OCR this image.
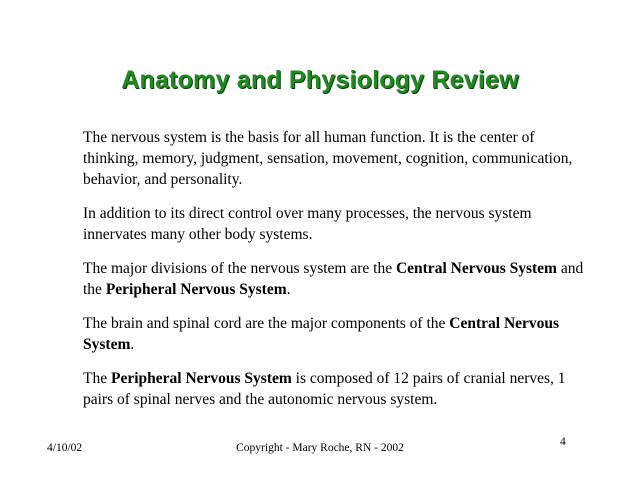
Anatomy and Physiology Review

The nervous system is the basis for all human function. It is the center of thinking, memory, judgment, sensation, movement, cognition, communication, behavior, and personality.

In addition to its direct control over many processes, the nervous system innervates many other body systems.

The major divisions of the nervous system are the Central Nervous System and the Peripheral Nervous System.

The brain and spinal cord are the major components of the Central Nervous System.

The Peripheral Nervous System is composed of 12 pairs of cranial nerves, 1 pairs of spinal nerves and the autonomic nervous system.

4/10/02	Copyright - Mary Roche, RN - 2002	4
